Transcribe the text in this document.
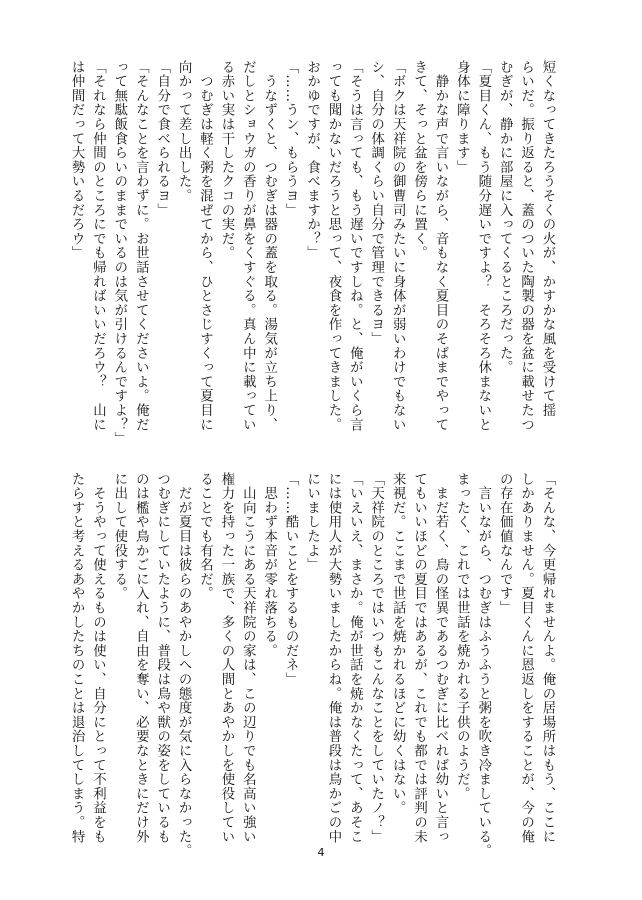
短くなってきたろうそくの火が、かすかな風を受けて揺
らいだ。振り返ると、蓋のついた陶製の器を盆に載せたつ
むぎが、静かに部屋に入ってくるところだった。
「夏目くん、もう随分遅いですよ？　そろそろ休まないと
身体に障ります」
　静かな声で言いながら、音もなく夏目のそばまでやって
きて、そっと盆を傍らに置く。
「ボクは天祥院の御曹司みたいに身体が弱いわけでもない
シ、自分の体調くらい自分で管理できるヨ」
「そうは言っても、もう遅いですしね。と、俺がいくら言
っても聞かないだろうと思って、夜食を作ってきました。
おかゆですが、食べますか？」
「……うン、もらうヨ」
　うなずくと、つむぎは器の蓋を取る。湯気が立ち上り、
だしとショウガの香りが鼻をくすぐる。真ん中に載ってい
る赤い実は干したクコの実だ。
　つむぎは軽く粥を混ぜてから、ひとさじすくって夏目に
向かって差し出した。
「自分で食べられるヨ」
「そんなことを言わずに。お世話させてくださいよ。俺だ
って無駄飯食らいのままでいるのは気が引けるんですよ？」
「それなら仲間のところにでも帰ればいいだろウ？　山に
は仲間だって大勢いるだろウ」
「そんな、今更帰れませんよ。俺の居場所はもう、ここに
しかありません。夏目くんに恩返しをすることが、今の俺
の存在価値なんです」
　言いながら、つむぎはふうふうと粥を吹き冷ましている。
まったく、これでは世話を焼かれる子供のようだ。
　まだ若く、鳥の怪異であるつむぎに比べれば幼いと言っ
てもいいほどの夏目ではあるが、これでも都では評判の未
来視だ。ここまで世話を焼かれるほどに幼くはない。
「天祥院のところではいつもこんなことをしていたノ？」
「いえいえ、まさか。俺が世話を焼かなくたって、あそこ
には使用人が大勢いましたからね。俺は普段は鳥かごの中
にいましたよ」
「……酷いことをするものだネ」
　思わず本音が零れ落ちる。
　山向こうにある天祥院の家は、この辺りでも名高い強い
権力を持った一族で、多くの人間とあやかしを使役してい
ることでも有名だ。
　だが夏目は彼らのあやかしへの態度が気に入らなかった。
つむぎにしていたように、普段は鳥や獣の姿をしているも
のは檻や鳥かごに入れ、自由を奪い、必要なときにだけ外
に出して使役する。
　そうやって使えるものは使い、自分にとって不利益をも
たらすと考えるあやかしたちのことは退治してしまう。特
4
